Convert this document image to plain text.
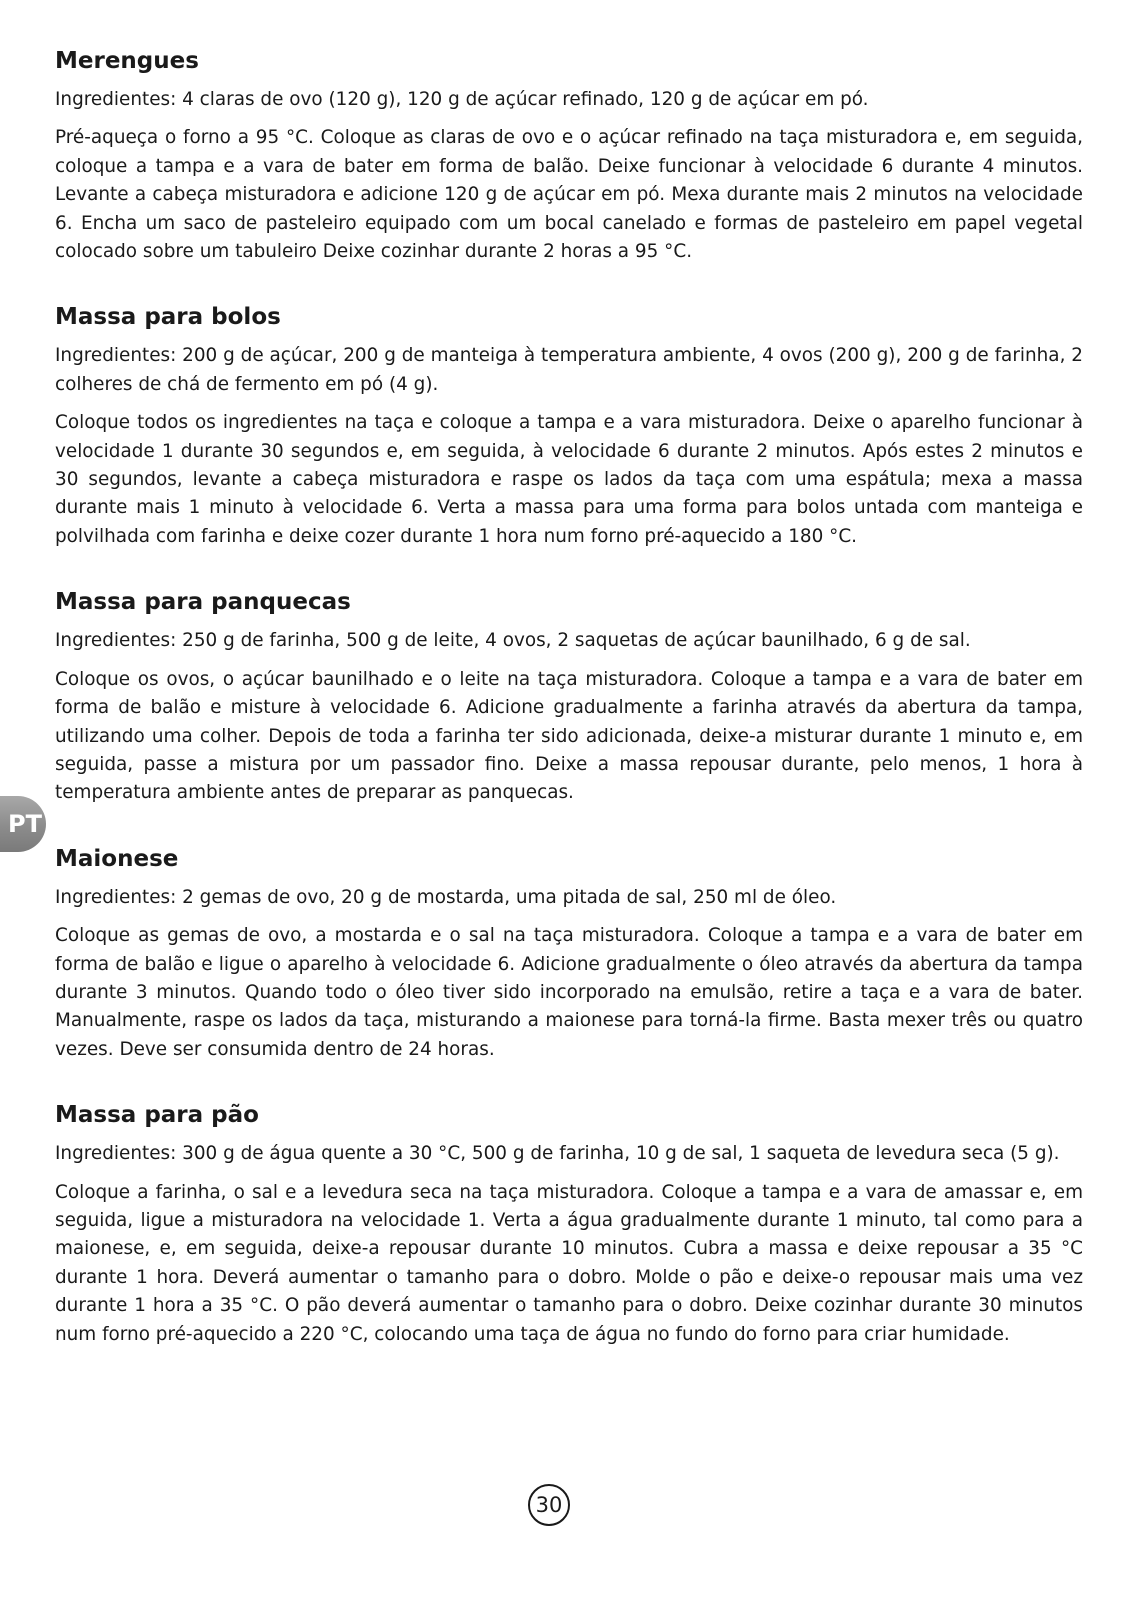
Merengues

Ingredientes: 4 claras de ovo (120 g), 120 g de açúcar refinado, 120 g de açúcar em pó.

Pré-aqueça o forno a 95 °C. Coloque as claras de ovo e o açúcar refinado na taça misturadora e, em seguida, coloque a tampa e a vara de bater em forma de balão. Deixe funcionar à velocidade 6 durante 4 minutos. Levante a cabeça misturadora e adicione 120 g de açúcar em pó. Mexa durante mais 2 minutos na velocidade 6. Encha um saco de pasteleiro equipado com um bocal canelado e formas de pasteleiro em papel vegetal colocado sobre um tabuleiro Deixe cozinhar durante 2 horas a 95 °C.

Massa para bolos

Ingredientes: 200 g de açúcar, 200 g de manteiga à temperatura ambiente, 4 ovos (200 g), 200 g de farinha, 2 colheres de chá de fermento em pó (4 g).

Coloque todos os ingredientes na taça e coloque a tampa e a vara misturadora. Deixe o aparelho funcionar à velocidade 1 durante 30 segundos e, em seguida, à velocidade 6 durante 2 minutos. Após estes 2 minutos e 30 segundos, levante a cabeça misturadora e raspe os lados da taça com uma espátula; mexa a massa durante mais 1 minuto à velocidade 6. Verta a massa para uma forma para bolos untada com manteiga e polvilhada com farinha e deixe cozer durante 1 hora num forno pré-aquecido a 180 °C.

Massa para panquecas

Ingredientes: 250 g de farinha, 500 g de leite, 4 ovos, 2 saquetas de açúcar baunilhado, 6 g de sal.

Coloque os ovos, o açúcar baunilhado e o leite na taça misturadora. Coloque a tampa e a vara de bater em forma de balão e misture à velocidade 6. Adicione gradualmente a farinha através da abertura da tampa, utilizando uma colher. Depois de toda a farinha ter sido adicionada, deixe-a misturar durante 1 minuto e, em seguida, passe a mistura por um passador fino. Deixe a massa repousar durante, pelo menos, 1 hora à temperatura ambiente antes de preparar as panquecas.

Maionese

Ingredientes: 2 gemas de ovo, 20 g de mostarda, uma pitada de sal, 250 ml de óleo.

Coloque as gemas de ovo, a mostarda e o sal na taça misturadora. Coloque a tampa e a vara de bater em forma de balão e ligue o aparelho à velocidade 6. Adicione gradualmente o óleo através da abertura da tampa durante 3 minutos. Quando todo o óleo tiver sido incorporado na emulsão, retire a taça e a vara de bater. Manualmente, raspe os lados da taça, misturando a maionese para torná-la firme. Basta mexer três ou quatro vezes. Deve ser consumida dentro de 24 horas.

Massa para pão

Ingredientes: 300 g de água quente a 30 °C, 500 g de farinha, 10 g de sal, 1 saqueta de levedura seca (5 g).

Coloque a farinha, o sal e a levedura seca na taça misturadora. Coloque a tampa e a vara de amassar e, em seguida, ligue a misturadora na velocidade 1. Verta a água gradualmente durante 1 minuto, tal como para a maionese, e, em seguida, deixe-a repousar durante 10 minutos. Cubra a massa e deixe repousar a 35 °C durante 1 hora. Deverá aumentar o tamanho para o dobro. Molde o pão e deixe-o repousar mais uma vez durante 1 hora a 35 °C. O pão deverá aumentar o tamanho para o dobro. Deixe cozinhar durante 30 minutos num forno pré-aquecido a 220 °C, colocando uma taça de água no fundo do forno para criar humidade.

PT
30
